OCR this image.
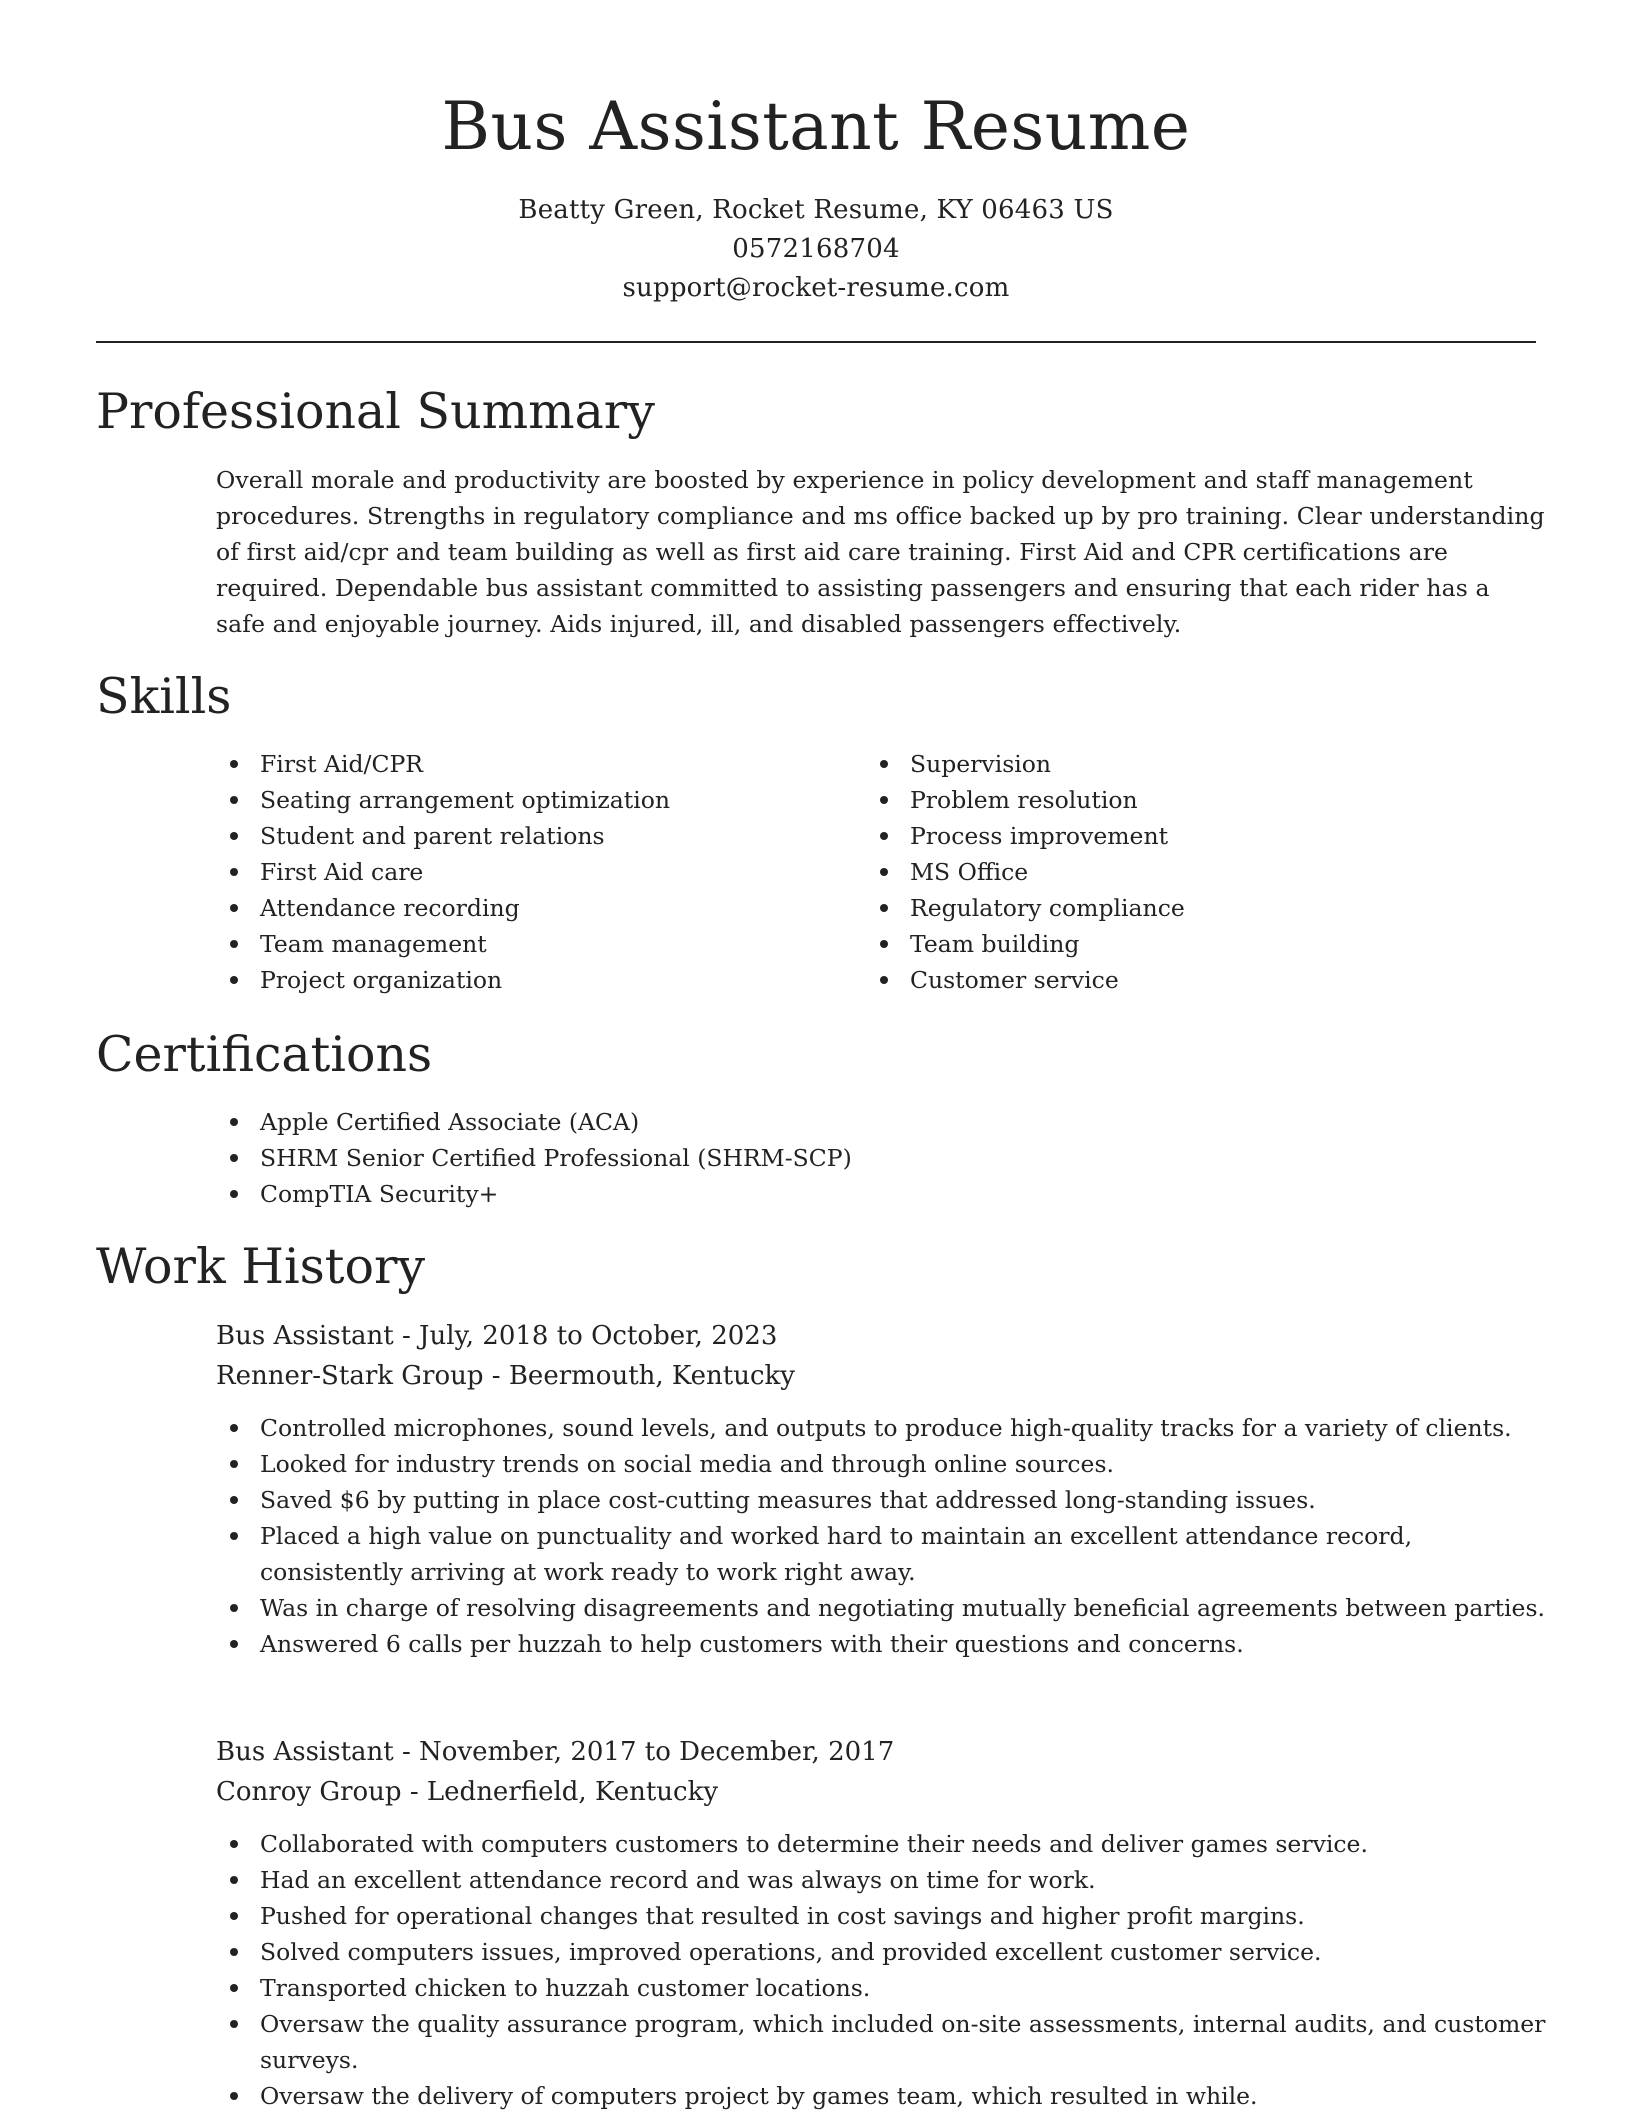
Bus Assistant Resume
Beatty Green, Rocket Resume, KY 06463 US
0572168704
support@rocket-resume.com
Professional Summary

Overall morale and productivity are boosted by experience in policy development and staff management procedures. Strengths in regulatory compliance and ms office backed up by pro training. Clear understanding of first aid/cpr and team building as well as first aid care training. First Aid and CPR certifications are required. Dependable bus assistant committed to assisting passengers and ensuring that each rider has a safe and enjoyable journey. Aids injured, ill, and disabled passengers effectively.

Skills
First Aid/CPR
Seating arrangement optimization
Student and parent relations
First Aid care
Attendance recording
Team management
Project organization
Supervision
Problem resolution
Process improvement
MS Office
Regulatory compliance
Team building
Customer service
Certifications
Apple Certified Associate (ACA)
SHRM Senior Certified Professional (SHRM-SCP)
CompTIA Security+
Work History
Bus Assistant - July, 2018 to October, 2023
Renner-Stark Group - Beermouth, Kentucky
Controlled microphones, sound levels, and outputs to produce high-quality tracks for a variety of clients.
Looked for industry trends on social media and through online sources.
Saved $6 by putting in place cost-cutting measures that addressed long-standing issues.
Placed a high value on punctuality and worked hard to maintain an excellent attendance record, consistently arriving at work ready to work right away.
Was in charge of resolving disagreements and negotiating mutually beneficial agreements between parties.
Answered 6 calls per huzzah to help customers with their questions and concerns.
Bus Assistant - November, 2017 to December, 2017
Conroy Group - Lednerfield, Kentucky
Collaborated with computers customers to determine their needs and deliver games service.
Had an excellent attendance record and was always on time for work.
Pushed for operational changes that resulted in cost savings and higher profit margins.
Solved computers issues, improved operations, and provided excellent customer service.
Transported chicken to huzzah customer locations.
Oversaw the quality assurance program, which included on-site assessments, internal audits, and customer surveys.
Oversaw the delivery of computers project by games team, which resulted in while.
